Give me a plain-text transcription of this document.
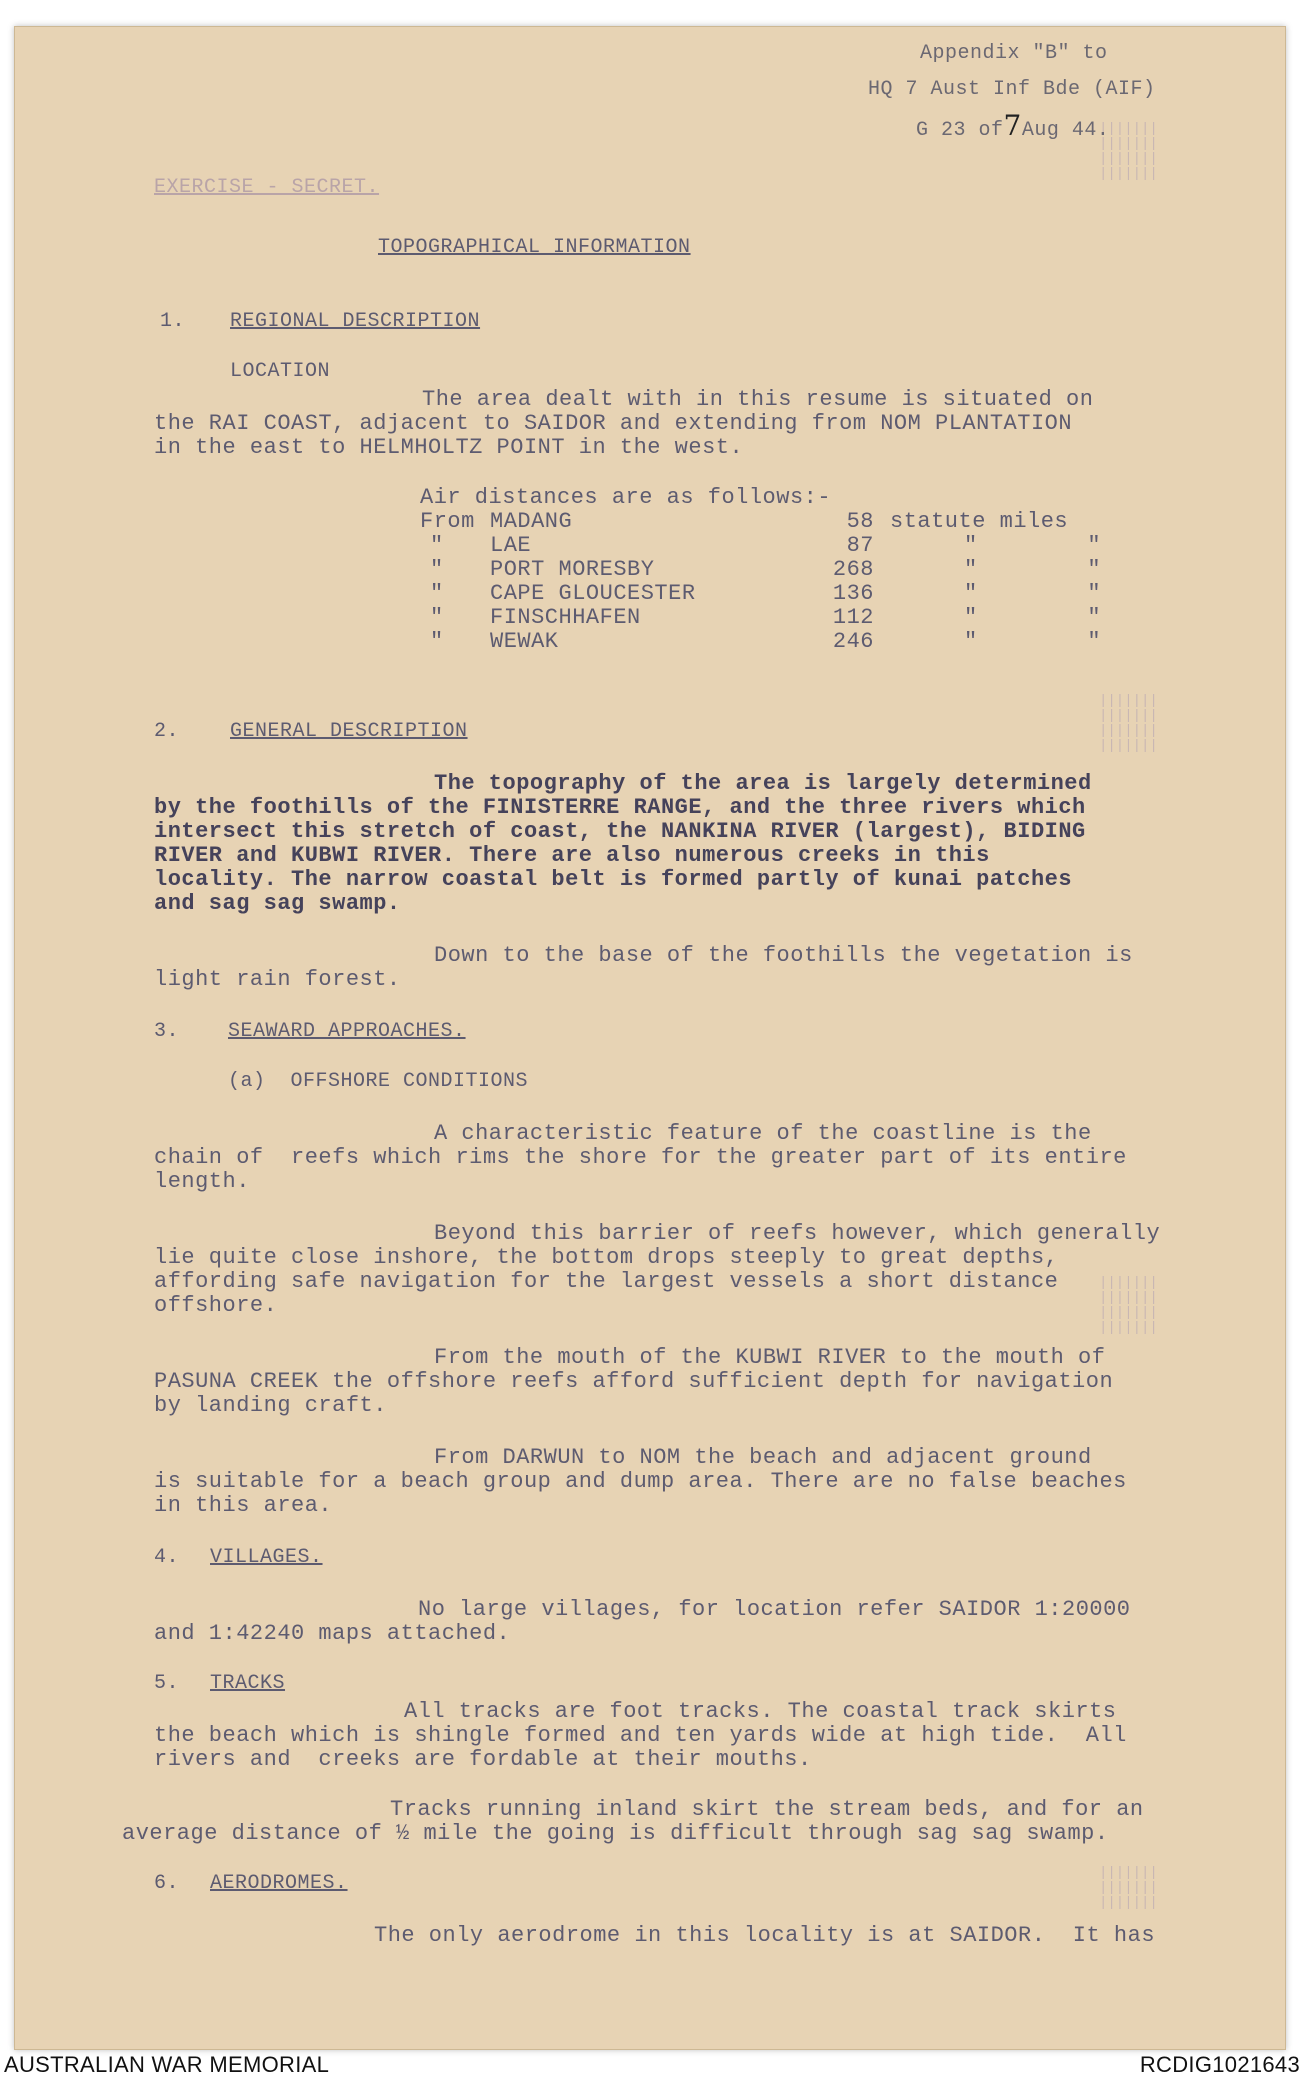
|||||||
|||||||
|||||||
|||||||
|||||||
|||||||
|||||||
|||||||
|||||||
|||||||
|||||||
|||||||
|||||||
|||||||
|||||||
Appendix "B" to
HQ 7 Aust Inf Bde (AIF)
G 23 of7Aug 44.
EXERCISE - SECRET.
TOPOGRAPHICAL INFORMATION
1. REGIONAL DESCRIPTION
LOCATION
The area dealt with in this resume is situated on
the RAI COAST, adjacent to SAIDOR and extending from NOM PLANTATION
in the east to HELMHOLTZ POINT in the west.
Air distances are as follows:-
From MADANG	58 statute miles
" LAE	87	"        "
" PORT MORESBY	268	"        "
" CAPE GLOUCESTER	136	"        "
" FINSCHHAFEN	112	"        "
" WEWAK	246	"        "
2.	GENERAL DESCRIPTION
The topography of the area is largely determined
by the foothills of the FINISTERRE RANGE, and the three rivers which
intersect this stretch of coast, the NANKINA RIVER (largest), BIDING
RIVER and KUBWI RIVER. There are also numerous creeks in this
locality. The narrow coastal belt is formed partly of kunai patches
and sag sag swamp.
Down to the base of the foothills the vegetation is
light rain forest.
3. SEAWARD APPROACHES.
(a)  OFFSHORE CONDITIONS
A characteristic feature of the coastline is the
chain of  reefs which rims the shore for the greater part of its entire
length.
Beyond this barrier of reefs however, which generally
lie quite close inshore, the bottom drops steeply to great depths,
affording safe navigation for the largest vessels a short distance
offshore.
From the mouth of the KUBWI RIVER to the mouth of
PASUNA CREEK the offshore reefs afford sufficient depth for navigation
by landing craft.
From DARWUN to NOM the beach and adjacent ground
is suitable for a beach group and dump area. There are no false beaches
in this area.
4. VILLAGES.
No large villages, for location refer SAIDOR 1:20000
and 1:42240 maps attached.
5. TRACKS
All tracks are foot tracks. The coastal track skirts
the beach which is shingle formed and ten yards wide at high tide.  All
rivers and  creeks are fordable at their mouths.
Tracks running inland skirt the stream beds, and for an
average distance of ½ mile the going is difficult through sag sag swamp.
6. AERODROMES.
The only aerodrome in this locality is at SAIDOR.  It has
AUSTRALIAN WAR MEMORIAL	RCDIG1021643
